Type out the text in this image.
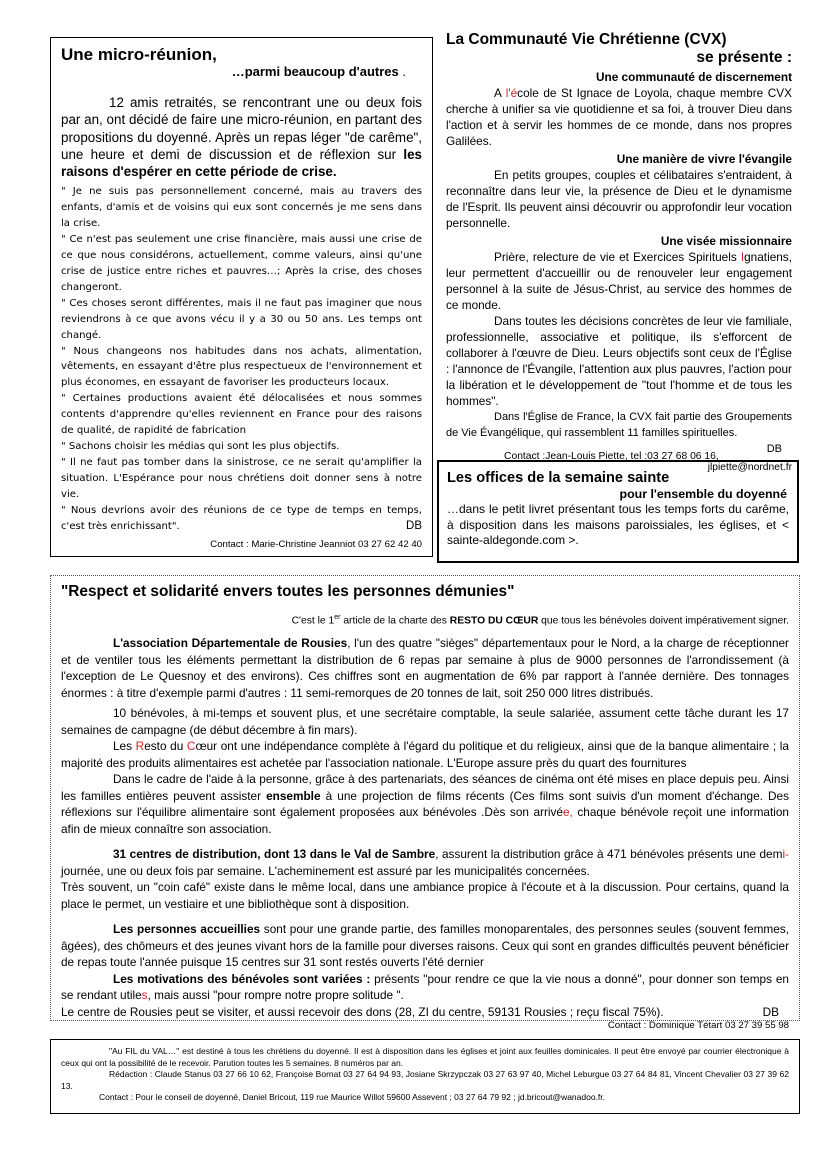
Une micro-réunion,
…parmi beaucoup d'autres .

12 amis retraités, se rencontrant une ou deux fois par an, ont décidé de faire une micro-réunion, en partant des propositions du doyenné. Après un repas léger "de carême", une heure et demi de discussion et de réflexion sur les raisons d'espérer en cette période de crise.

" Je ne suis pas personnellement concerné, mais au travers des enfants, d'amis et de voisins qui eux sont concernés je me sens dans la crise.

" Ce n'est pas seulement une crise financière, mais aussi une crise de ce que nous considérons, actuellement, comme valeurs, ainsi qu'une crise de justice entre riches et pauvres…; Après la crise, des choses changeront.

" Ces choses seront différentes, mais il ne faut pas imaginer que nous reviendrons à ce que avons vécu il y a 30 ou 50 ans. Les temps ont changé.

" Nous changeons nos habitudes dans nos achats, alimentation, vêtements, en essayant d'être plus respectueux de l'environnement et plus économes, en essayant de favoriser les producteurs locaux.

" Certaines productions avaient été délocalisées et nous sommes contents d'apprendre qu'elles reviennent en France pour des raisons de qualité, de rapidité de fabrication

" Sachons choisir les médias qui sont les plus objectifs.

" Il ne faut pas tomber dans la sinistrose, ce ne serait qu'amplifier la situation. L'Espérance pour nous chrétiens doit donner sens à notre vie.

" Nous devrions avoir des réunions de ce type de temps en temps, c'est très enrichissant".	DB

Contact : Marie-Christine Jeanniot 03 27 62 42 40
La Communauté Vie Chrétienne (CVX)
se présente :
Une communauté de discernement

A l'école de St Ignace de Loyola, chaque membre CVX cherche à unifier sa vie quotidienne et sa foi, à trouver Dieu dans l'action et à servir les hommes de ce monde, dans nos propres Galilées.

Une manière de vivre l'évangile

En petits groupes, couples et célibataires s'entraident, à reconnaître dans leur vie, la présence de Dieu et le dynamisme de l'Esprit. Ils peuvent ainsi découvrir ou approfondir leur vocation personnelle.

Une visée missionnaire

Prière, relecture de vie et Exercices Spirituels Ignatiens, leur permettent d'accueillir ou de renouveler leur engagement personnel à la suite de Jésus-Christ, au service des hommes de ce monde.

Dans toutes les décisions concrètes de leur vie familiale, professionnelle, associative et politique, ils s'efforcent de collaborer à l'œuvre de Dieu. Leurs objectifs sont ceux de l'Église : l'annonce de l'Évangile, l'attention aux plus pauvres, l'action pour la libération et le développement de "tout l'homme et de tous les hommes".

Dans l'Église de France, la CVX fait partie des Groupements de Vie Évangélique, qui rassemblent 11 familles spirituelles.
DB

Contact :Jean-Louis Piette, tel :03 27 68 06 16, jlpiette@nordnet.fr
Les offices de la semaine sainte
pour l'ensemble du doyenné

…dans le petit livret présentant tous les temps forts du carême, à disposition dans les maisons paroissiales, les églises, et < sainte-aldegonde.com >.

"Respect et solidarité envers toutes les personnes démunies"
C'est le 1er article de la charte des RESTO DU CŒUR que tous les bénévoles doivent impérativement signer.

L'association Départementale de Rousies, l'un des quatre "sièges" départementaux pour le Nord, a la charge de réceptionner et de ventiler tous les éléments permettant la distribution de 6 repas par semaine à plus de 9000 personnes de l'arrondissement (à l'exception de Le Quesnoy et des environs). Ces chiffres sont en augmentation de 6% par rapport à l'année dernière. Des tonnages énormes : à titre d'exemple parmi d'autres : 11 semi-remorques de 20 tonnes de lait, soit 250 000 litres distribués.

10 bénévoles, à mi-temps et souvent plus, et une secrétaire comptable, la seule salariée, assument cette tâche durant les 17 semaines de campagne (de début décembre à fin mars).

Les Resto du Cœur ont une indépendance complète à l'égard du politique et du religieux, ainsi que de la banque alimentaire ; la majorité des produits alimentaires est achetée par l'association nationale. L'Europe assure près du quart des fournitures

Dans le cadre de l'aide à la personne, grâce à des partenariats, des séances de cinéma ont été mises en place depuis peu. Ainsi les familles entières peuvent assister ensemble à une projection de films récents (Ces films sont suivis d'un moment d'échange. Des réflexions sur l'équilibre alimentaire sont également proposées aux bénévoles .Dès son arrivée, chaque bénévole reçoit une information afin de mieux connaître son association.

31 centres de distribution, dont 13 dans le Val de Sambre, assurent la distribution grâce à 471 bénévoles présents une demi-journée, une ou deux fois par semaine. L'acheminement est assuré par les municipalités concernées.

Très souvent, un "coin café" existe dans le même local, dans une ambiance propice à l'écoute et à la discussion. Pour certains, quand la place le permet, un vestiaire et une bibliothèque sont à disposition.

Les personnes accueillies sont pour une grande partie, des familles monoparentales, des personnes seules (souvent femmes, âgées), des chômeurs et des jeunes vivant hors de la famille pour diverses raisons. Ceux qui sont en grandes difficultés peuvent bénéficier de repas toute l'année puisque 15 centres sur 31 sont restés ouverts l'été dernier

Les motivations des bénévoles sont variées : présents "pour rendre ce que la vie nous a donné", pour donner son temps en se rendant utiles, mais aussi "pour rompre notre propre solitude ".

Le centre de Rousies peut se visiter, et aussi recevoir des dons (28, ZI du centre, 59131 Rousies ; reçu fiscal 75%).	DB

Contact : Dominique Tétart 03 27 39 55 98

"Au FIL du VAL…" est destiné à tous les chrétiens du doyenné. Il est à disposition dans les églises et joint aux feuilles dominicales. Il peut être envoyé par courrier électronique à ceux qui ont la possibilité de le recevoir. Parution toutes les 5 semaines. 8 numéros par an.

Rédaction : Claude Stanus 03 27 66 10 62, Françoise Bornat 03 27 64 94 93, Josiane Skrzypczak 03 27 63 97 40, Michel Leburgue 03 27 64 84 81, Vincent Chevalier 03 27 39 62 13.

Contact : Pour le conseil de doyenné, Daniel Bricout, 119 rue Maurice Willot 59600 Assevent ; 03 27 64 79 92 ; jd.bricout@wanadoo.fr.
